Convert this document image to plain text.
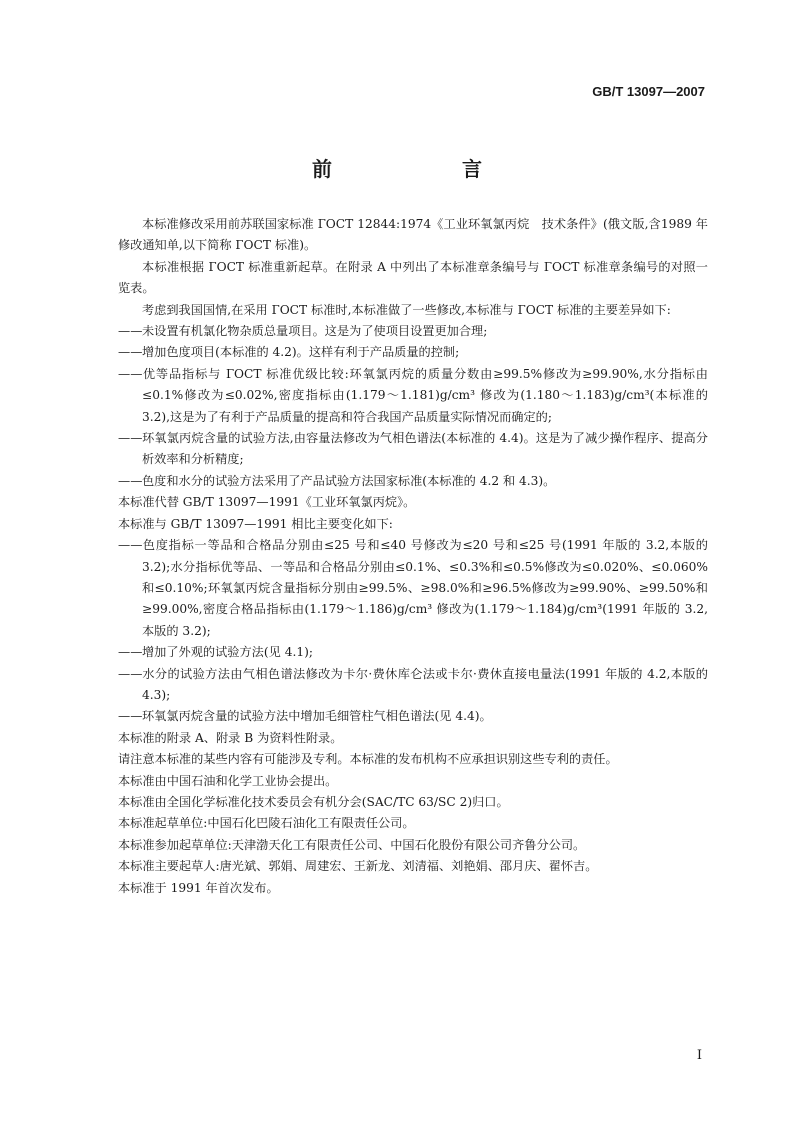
GB/T 13097—2007
前　　言

本标准修改采用前苏联国家标准 ГОСТ 12844:1974《工业环氧氯丙烷　技术条件》(俄文版,含1989 年修改通知单,以下简称 ГОСТ 标准)。

本标准根据 ГОСТ 标准重新起草。在附录 A 中列出了本标准章条编号与 ГОСТ 标准章条编号的对照一览表。

考虑到我国国情,在采用 ГОСТ 标准时,本标准做了一些修改,本标准与 ГОСТ 标准的主要差异如下:

——未设置有机氯化物杂质总量项目。这是为了使项目设置更加合理;

——增加色度项目(本标准的 4.2)。这样有利于产品质量的控制;

——优等品指标与 ГОСТ 标准优级比较:环氧氯丙烷的质量分数由≥99.5%修改为≥99.90%,水分指标由≤0.1%修改为≤0.02%,密度指标由(1.179～1.181)g/cm³ 修改为(1.180～1.183)g/cm³(本标准的 3.2),这是为了有利于产品质量的提高和符合我国产品质量实际情况而确定的;

——环氧氯丙烷含量的试验方法,由容量法修改为气相色谱法(本标准的 4.4)。这是为了减少操作程序、提高分析效率和分析精度;

——色度和水分的试验方法采用了产品试验方法国家标准(本标准的 4.2 和 4.3)。

本标准代替 GB/T 13097—1991《工业环氧氯丙烷》。

本标准与 GB/T 13097—1991 相比主要变化如下:

——色度指标一等品和合格品分别由≤25 号和≤40 号修改为≤20 号和≤25 号(1991 年版的 3.2,本版的 3.2);水分指标优等品、一等品和合格品分别由≤0.1%、≤0.3%和≤0.5%修改为≤0.020%、≤0.060%和≤0.10%;环氧氯丙烷含量指标分别由≥99.5%、≥98.0%和≥96.5%修改为≥99.90%、≥99.50%和≥99.00%,密度合格品指标由(1.179～1.186)g/cm³ 修改为(1.179～1.184)g/cm³(1991 年版的 3.2,本版的 3.2);

——增加了外观的试验方法(见 4.1);

——水分的试验方法由气相色谱法修改为卡尔·费休库仑法或卡尔·费休直接电量法(1991 年版的 4.2,本版的 4.3);

——环氧氯丙烷含量的试验方法中增加毛细管柱气相色谱法(见 4.4)。

本标准的附录 A、附录 B 为资料性附录。

请注意本标准的某些内容有可能涉及专利。本标准的发布机构不应承担识别这些专利的责任。

本标准由中国石油和化学工业协会提出。

本标准由全国化学标准化技术委员会有机分会(SAC/TC 63/SC 2)归口。

本标准起草单位:中国石化巴陵石油化工有限责任公司。

本标准参加起草单位:天津渤天化工有限责任公司、中国石化股份有限公司齐鲁分公司。

本标准主要起草人:唐光斌、郭娟、周建宏、王新龙、刘清福、刘艳娟、邵月庆、翟怀吉。

本标准于 1991 年首次发布。

I
